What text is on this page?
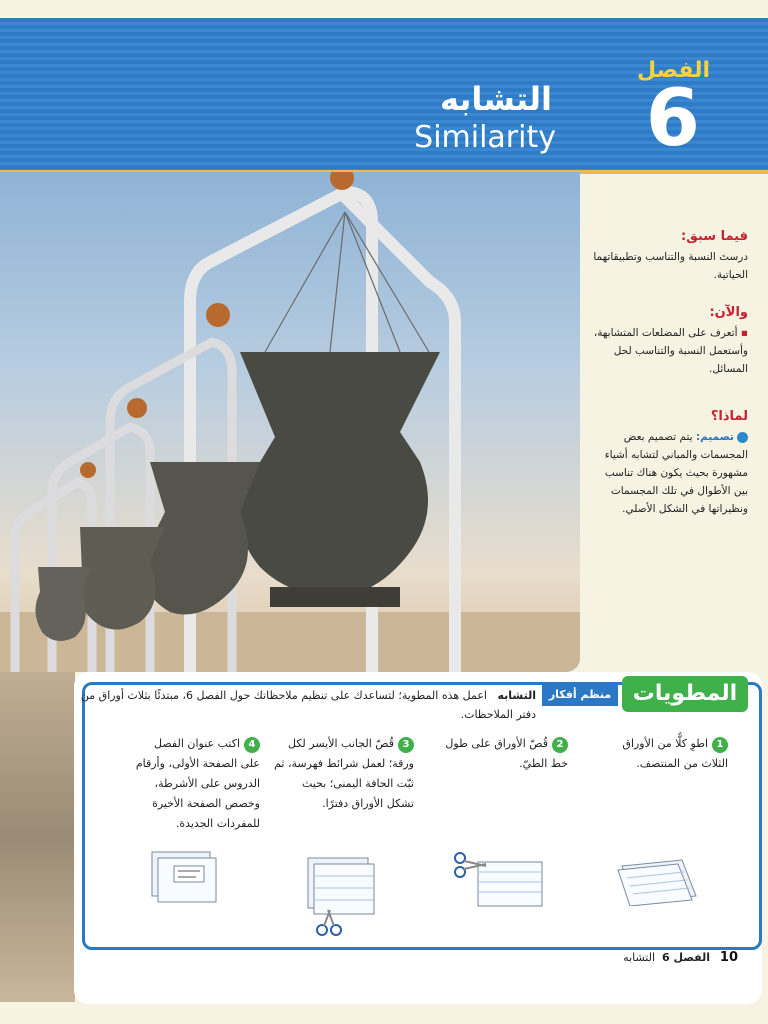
الفصل
6
التشابه
Similarity
فيما سبق:

درستَ النسبة والتناسب وتطبيقاتهما الحياتية.

والآن:

▪ أتعرف على المضلعات المتشابهة، وأستعمل النسبة والتناسب لحل المسائل.

لماذا؟

تصميم: يتم تصميم بعض المجسمات والمباني لتشابه أشياء مشهورة بحيث يكون هناك تناسب بين الأطوال في تلك المجسمات ونظيراتها في الشكل الأصلي.

المطويات
منظم أفكار
التشابه   اعمل هذه المطوية؛ لتساعدك على تنظيم ملاحظاتك حول الفصل 6، مبتدئًا بثلاث أوراق من دفتر الملاحظات.
1اطوِ كلًّا من الأوراق الثلاث من المنتصف.
2قُصّ الأوراق على طول خط الطيّ.
3قُصّ الجانب الأيسر لكل ورقة؛ لعمل شرائط فهرسة، ثم ثبّت الحافة اليمنى؛ بحيث تشكل الأوراق دفترًا.
4اكتب عنوان الفصل على الصفحة الأولى، وأرقام الدروس على الأشرطة، وخصص الصفحة الأخيرة للمفردات الجديدة.
10
الفصل 6  التشابه
